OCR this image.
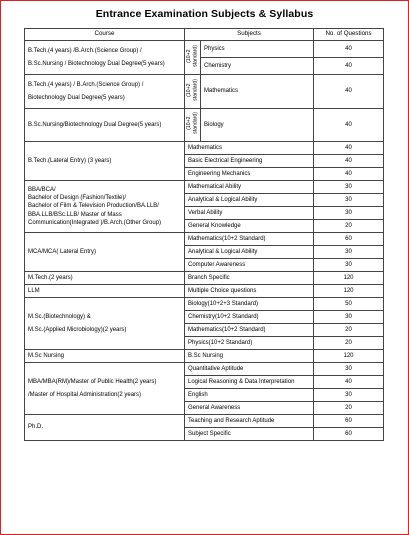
Entrance Examination Subjects & Syllabus
Course	Subjects		No. of Questions

B.Tech.(4 years) /B.Arch.(Science Group) /
B.Sc.Nursing / Biotechnology Dual Degree(5 years)	(10+2
standard)	Physics	40
		Chemistry	40

B.Tech.(4 years) / B.Arch.(Science Group) /
Biotechnology Dual Degree(5 years)	(10+2
standard)	Mathematics	40

B.Sc.Nursing/Biotechnology Dual Degree(5 years)	(10+2
standard)	Biology	40

B.Tech.(Lateral Entry) (3 years)	Mathematics		40
	Basic Electrical Engineering		40
	Engineering Mechanics		40

BBA/BCA/
Bachelor of Design (Fashion/Textile)/
Bachelor of Film & Television Production/BA.LLB/
BBA.LLB/BSc.LLB/ Master of Mass
Communication(Integrated )/B.Arch.(Other Group)	Mathematical Ability		30
	Analytical & Logical Ability		30
	Verbal Ability		30
	General Knowledge		20

MCA/MCA( Lateral Entry)	Mathematics(10+2 Standard)		60
	Analytical & Logical Ability		30
	Computer Awareness		30

M.Tech.(2 years)	Branch Specific		120

LLM	Multiple Choice questions		120

M.Sc.(Biotechnology) &
M.Sc.(Applied Microbiology)(2 years)	Biology(10+2+3 Standard)		50
	Chemistry(10+2 Standard)		30
	Mathematics(10+2 Standard)		20
	Physics(10+2 Standard)		20

M.Sc Nursing	B.Sc Nursing		120

MBA/MBA(RM)/Master of Public Health(2 years)
/Master of Hospital Administration(2 years)	Quantitative Aptitude		30
	Logical Reasoning & Data Interpretation		40
	English		30
	General Awareness		20

Ph.D.	Teaching and Research Aptitude		60
	Subject Specific		60
